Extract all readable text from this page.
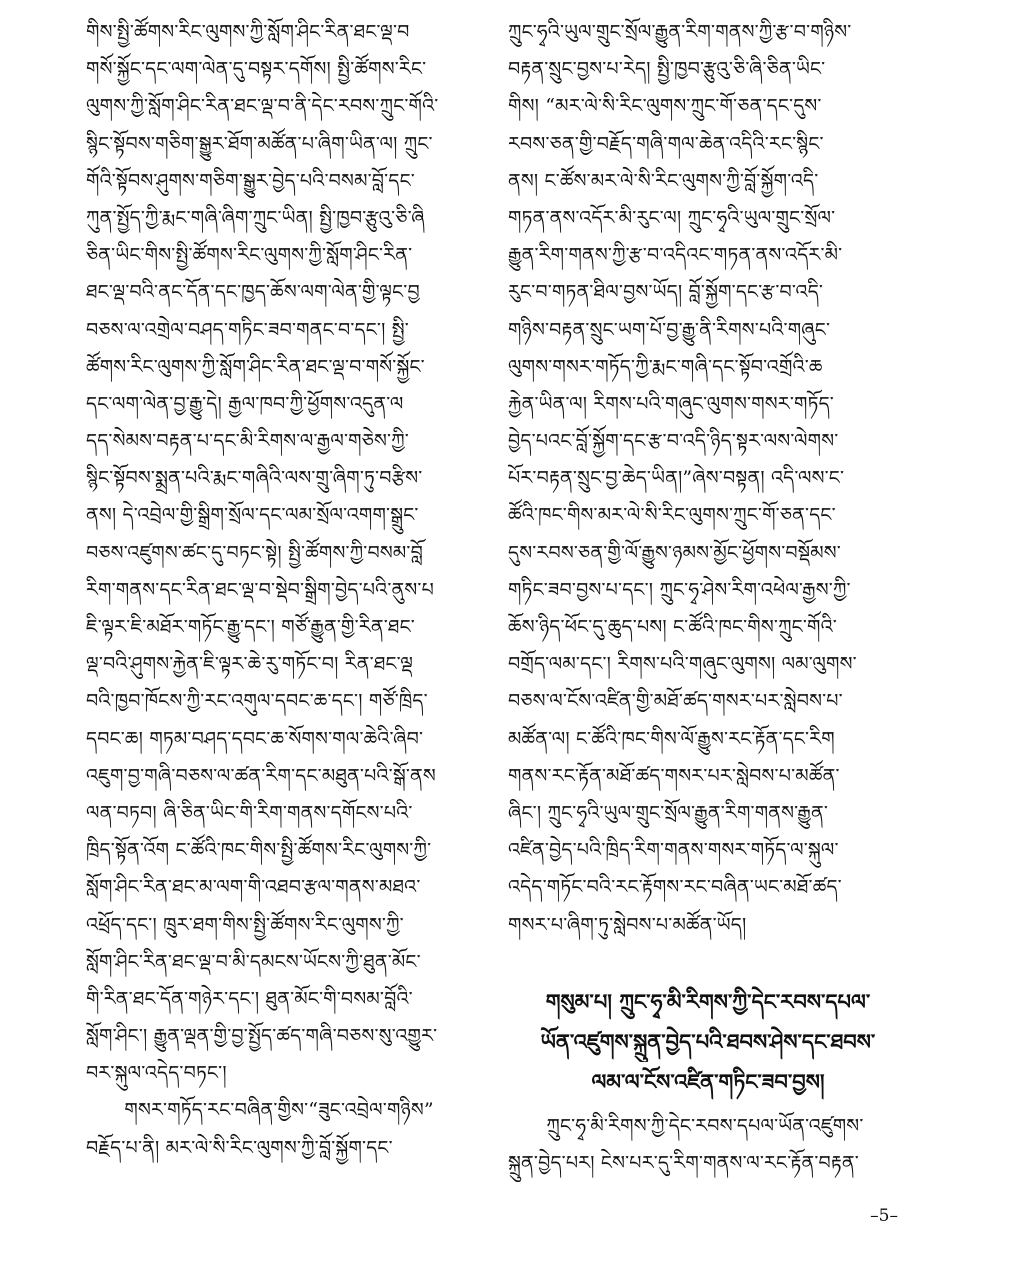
གིས་སྤྱི་ཚོགས་རིང་ལུགས་ཀྱི་སློག་ཤིང་རིན་ཐང་ལྡ་བ
གསོ་སྐྱོང་དང་ལག་ལེན་དུ་བསྟར་དགོས། སྤྱི་ཚོགས་རིང་
ལུགས་ཀྱི་སློག་ཤིང་རིན་ཐང་ལྡ་བ་ནི་དེང་རབས་ཀྲུང་གོའི་
སྙིང་སྟོབས་གཅིག་སྒྱུར་ཐོག་མཚོན་པ་ཞིག་ཡིན་ལ། ཀྲུང་
གོའི་སྟོབས་ཤུགས་གཅིག་སྒྱུར་བྱེད་པའི་བསམ་བློ་དང་
ཀུན་སྤྱོད་ཀྱི་རྨང་གཞི་ཞིག་ཀྲུང་ཡིན། སྤྱི་ཁྱབ་རྩུའུ་ཅི་ཞི
ཅིན་ཡིང་གིས་སྤྱི་ཚོགས་རིང་ལུགས་ཀྱི་སློག་ཤིང་རིན་
ཐང་ལྡ་བའི་ནང་དོན་དང་ཁྱད་ཆོས་ལག་ལེན་གྱི་ལྟང་བྱ
བཅས་ལ་འགྲེལ་བཤད་གཏིང་ཟབ་གནང་བ་དང་། སྤྱི་
ཚོགས་རིང་ལུགས་ཀྱི་སློག་ཤིང་རིན་ཐང་ལྡ་བ་གསོ་སྐྱོང་
དང་ལག་ལེན་བྱ་རྒྱུ་དེ། རྒྱལ་ཁབ་ཀྱི་ཕྱོགས་འདུན་ལ
དད་སེམས་བརྟན་པ་དང་མི་རིགས་ལ་རྒྱལ་གཅེས་ཀྱི་
སྙིང་སྟོབས་སྨྲན་པའི་རྨང་གཞིའི་ལས་གྲུ་ཞིག་ཏུ་བརྩིས་
ནས། དེ་འབྲེལ་གྱི་སྒྲིག་སྲོལ་དང་ལམ་སྲོལ་འགག་སྒྲུང་
བཅས་འཛུགས་ཚང་དུ་བཏང་སྟེ། སྤྱི་ཚོགས་ཀྱི་བསམ་བློ
རིག་གནས་དང་རིན་ཐང་ལྡ་བ་སྡེབ་སྒྲིག་བྱེད་པའི་ནུས་པ
ཇི་ལྟར་ཇི་མཐོར་གཏོང་རྒྱུ་དང་། གཙོ་རྒྱུན་གྱི་རིན་ཐང་
ལྡ་བའི་ཤུགས་རྐྱེན་ཇི་ལྟར་ཆེ་རུ་གཏོང་བ། རིན་ཐང་ལྡ
བའི་ཁྱབ་ཁོངས་ཀྱི་རང་འགུལ་དབང་ཆ་དང་། གཙོ་ཁྲིད་
དབང་ཆ། གཏམ་བཤད་དབང་ཆ་སོགས་གལ་ཆེའི་ཞིབ་
འཇུག་བྱ་གཞི་བཅས་ལ་ཚན་རིག་དང་མཐུན་པའི་སྒོ་ནས
ལན་བཏབ། ཞི་ཅིན་ཡིང་གི་རིག་གནས་དགོངས་པའི་
ཁྲིད་སྟོན་འོག ང་ཚོའི་ཁང་གིས་སྤྱི་ཚོགས་རིང་ལུགས་ཀྱི་
སློག་ཤིང་རིན་ཐང་མ་ལག་གི་འཐབ་རྩལ་གནས་མཐའ་
འཕྲོད་དང་། ཁྲུར་ཐག་གིས་སྤྱི་ཚོགས་རིང་ལུགས་ཀྱི་
སློག་ཤིང་རིན་ཐང་ལྡ་བ་མི་དམངས་ཡོངས་ཀྱི་ཐུན་མོང་
གི་རིན་ཐང་དོན་གཉེར་དང་། ཐུན་མོང་གི་བསམ་བློའི་
སློག་ཤིང་། རྒྱུན་ལྡན་གྱི་བྱ་སྤྱོད་ཚད་གཞི་བཅས་སུ་འགྱུར་
བར་སྐུལ་འདེད་བཏང་།
　　གསར་གཏོད་རང་བཞིན་གྱིས་“ཟུང་འབྲེལ་གཉིས”
བརྗོད་པ་ནི། མར་ལེ་སི་རིང་ལུགས་ཀྱི་བློ་སྐྱོག་དང་
ཀྲུང་ཧྭའི་ཡུལ་གྲུང་སྲོལ་རྒྱུན་རིག་གནས་ཀྱི་རྩ་བ་གཉིས་
བརྟན་སྲུང་བྱས་པ་རེད། སྤྱི་ཁྱབ་རྩུའུ་ཅི་ཞི་ཅིན་ཡིང་
གིས། “མར་ལེ་སི་རིང་ལུགས་ཀྲུང་གོ་ཅན་དང་དུས་
རབས་ཅན་གྱི་བརྗོད་གཞི་གལ་ཆེན་འདིའི་རང་སྙིང་
ནས། ང་ཚོས་མར་ལེ་སི་རིང་ལུགས་ཀྱི་བློ་སྐྱོག་འདི་
གཏན་ནས་འདོར་མི་རུང་ལ། ཀྲུང་ཧྭའི་ཡུལ་གྲུང་སྲོལ་
རྒྱུན་རིག་གནས་ཀྱི་རྩ་བ་འདིའང་གཏན་ནས་འདོར་མི་
རུང་བ་གཏན་ཐིལ་བྱས་ཡོད། བློ་སྐྱོག་དང་རྩ་བ་འདི་
གཉིས་བརྟན་སྲུང་ཡག་པོ་བྱ་རྒྱུ་ནི་རིགས་པའི་གཞུང་
ལུགས་གསར་གཏོད་ཀྱི་རྨང་གཞི་དང་སྟོབ་འགྲོའི་ཆ
རྐྱེན་ཡིན་ལ། རིགས་པའི་གཞུང་ལུགས་གསར་གཏོད་
བྱེད་པའང་བློ་སྐྱོག་དང་རྩ་བ་འདི་ཉིད་སྟར་ལས་ལེགས་
པོར་བརྟན་སྲུང་བྱ་ཆེད་ཡིན།”ཞེས་བསྟན། འདི་ལས་ང་
ཚོའི་ཁང་གིས་མར་ལེ་སི་རིང་ལུགས་ཀྲུང་གོ་ཅན་དང་
དུས་རབས་ཅན་གྱི་ལོ་རྒྱུས་ཉམས་མྱོང་ཕྱོགས་བསྡོམས་
གཏིང་ཟབ་བྱས་པ་དང་། ཀྲུང་ཧྭ་ཤེས་རིག་འཕེལ་རྒྱས་ཀྱི་
ཆོས་ཉིད་ཕོང་དུ་ཆུད་པས། ང་ཚོའི་ཁང་གིས་ཀྲུང་གོའི་
བགྲོད་ལམ་དང་། རིགས་པའི་གཞུང་ལུགས། ལམ་ལུགས་
བཅས་ལ་ངོས་འཛིན་གྱི་མཐོ་ཚད་གསར་པར་སླེབས་པ་
མཚོན་ལ། ང་ཚོའི་ཁང་གིས་ལོ་རྒྱུས་རང་རྟོན་དང་རིག
གནས་རང་རྟོན་མཐོ་ཚད་གསར་པར་སླེབས་པ་མཚོན་
ཞིང་། ཀྲུང་ཧྭའི་ཡུལ་གྲུང་སྲོལ་རྒྱུན་རིག་གནས་རྒྱུན་
འཛིན་བྱེད་པའི་ཁྲིད་རིག་གནས་གསར་གཏོད་ལ་སྐུལ་
འདེད་གཏོང་བའི་རང་རྟོགས་རང་བཞིན་ཡང་མཐོ་ཚད་
གསར་པ་ཞིག་ཏུ་སླེབས་པ་མཚོན་ཡོད།
གསུམ་པ། ཀྲུང་ཧྭ་མི་རིགས་ཀྱི་དེང་རབས་དཔལ་
ཡོན་འཛུགས་སྐྲུན་བྱེད་པའི་ཐབས་ཤེས་དང་ཐབས་
ལམ་ལ་ངོས་འཛིན་གཏིང་ཟབ་བྱས།
　　ཀྲུང་ཧྭ་མི་རིགས་ཀྱི་དེང་རབས་དཔལ་ཡོན་འཛུགས་
སྐྲུན་བྱེད་པར། ངེས་པར་དུ་རིག་གནས་ལ་རང་རྟོན་བརྟན་
–5–
